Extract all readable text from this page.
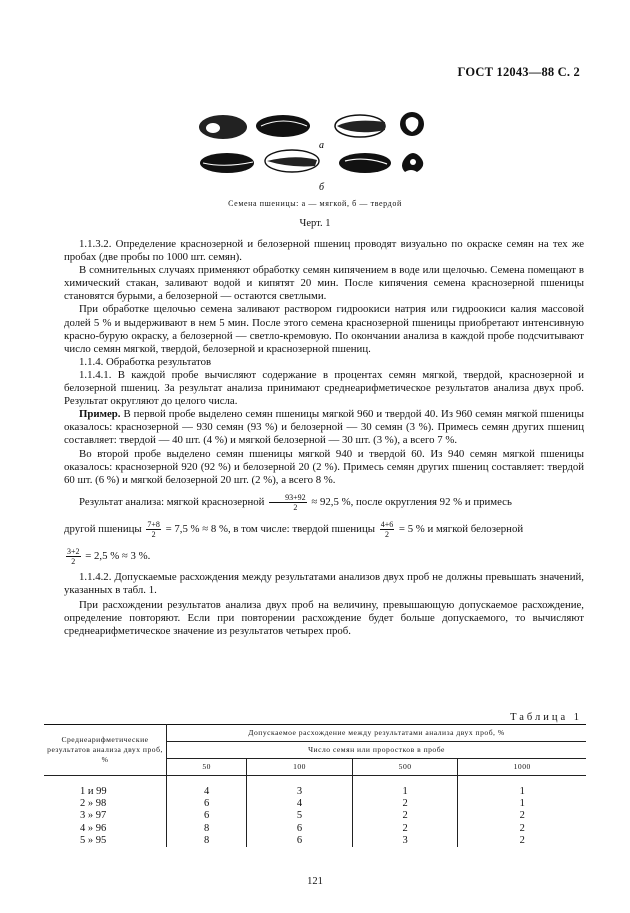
ГОСТ 12043—88 С. 2
а
б
Семена пшеницы: а — мягкой, б — твердой
Черт. 1

1.1.3.2. Определение краснозерной и белозерной пшениц проводят визуально по окраске семян на тех же пробах (две пробы по 1000 шт. семян).

В сомнительных случаях применяют обработку семян кипячением в воде или щелочью. Семена помещают в химический стакан, заливают водой и кипятят 20 мин. После кипячения семена краснозерной пшеницы становятся бурыми, а белозерной — остаются светлыми.

При обработке щелочью семена заливают раствором гидроокиси натрия или гидроокиси калия массовой долей 5 % и выдерживают в нем 5 мин. После этого семена краснозерной пшеницы приобретают интенсивную красно-бурую окраску, а белозерной — светло-кремовую. По окончании анализа в каждой пробе подсчитывают число семян мягкой, твердой, белозерной и краснозерной пшениц.

1.1.4. Обработка результатов

1.1.4.1. В каждой пробе вычисляют содержание в процентах семян мягкой, твердой, краснозерной и белозерной пшениц. За результат анализа принимают среднеарифметическое результатов анализа двух проб. Результат округляют до целого числа.

Пример. В первой пробе выделено семян пшеницы мягкой 960 и твердой 40. Из 960 семян мягкой пшеницы оказалось: краснозерной — 930 семян (93 %) и белозерной — 30 семян (3 %). Примесь семян других пшениц составляет: твердой — 40 шт. (4 %) и мягкой белозерной — 30 шт. (3 %), а всего 7 %.

Во второй пробе выделено семян пшеницы мягкой 940 и твердой 60. Из 940 семян мягкой пшеницы оказалось: краснозерной 920 (92 %) и белозерной 20 (2 %). Примесь семян других пшениц составляет: твердой 60 шт. (6 %) и мягкой белозерной 20 шт. (2 %), а всего 8 %.

Результат анализа: мягкой краснозерной $\frac{93+92}{2} \approx 92,5$ %, после округления 92 % и примесь

другой пшеницы $\frac{7+8}{2} = 7,5$ % ≈ 8 %, в том числе: твердой пшеницы $\frac{4+6}{2} = 5$ % и мягкой белозерной

$\frac{3+2}{2} = 2,5$ % ≈ 3 %.

1.1.4.2. Допускаемые расхождения между результатами анализов двух проб не должны превышать значений, указанных в табл. 1.

При расхождении результатов анализа двух проб на величину, превышающую допускаемое расхождение, определение повторяют. Если при повторении расхождение будет больше допускаемого, то вычисляют среднеарифметическое значение из результатов четырех проб.

Таблица 1
Среднеарифметические результатов анализа двух проб, %	Допускаемое расхождение между результатами анализа двух проб, %			
	Число семян или проростков в пробе			
	50	100	500	1000
1 и 99	4	3	1	1
2 » 98	6	4	2	1
3 » 97	6	5	2	2
4 » 96	8	6	2	2
5 » 95	8	6	3	2
121
